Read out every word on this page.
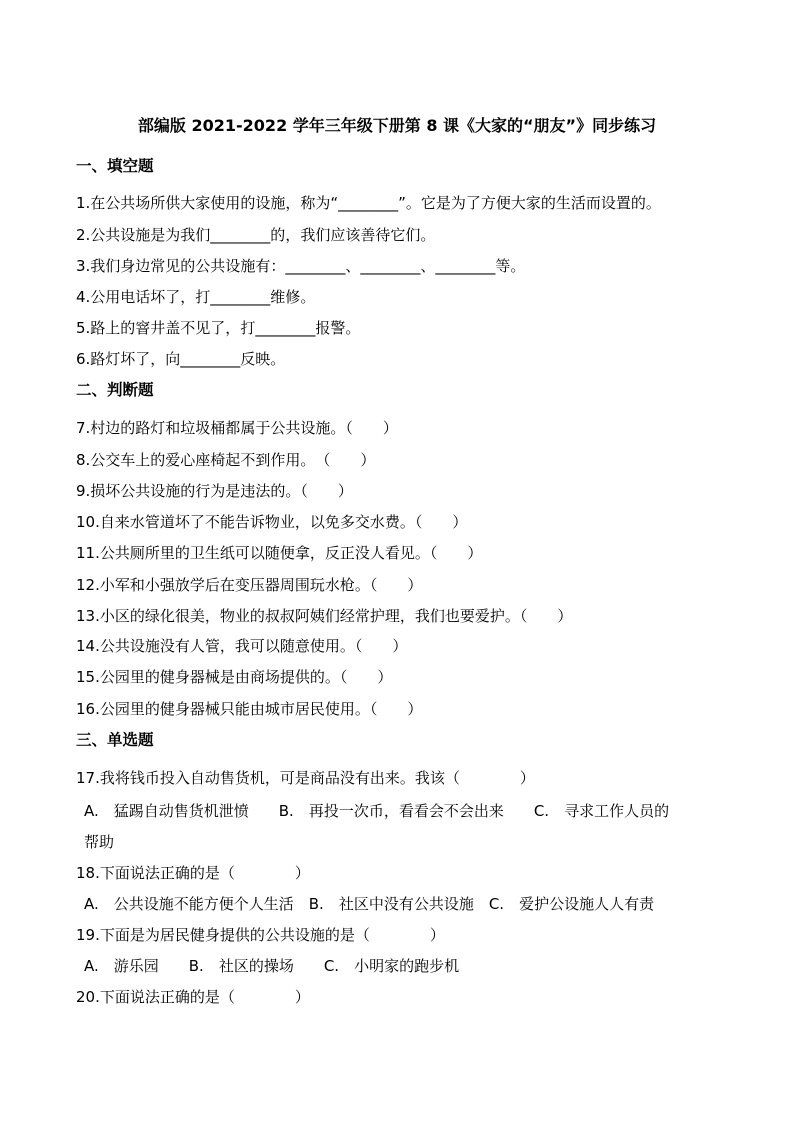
部编版 2021-2022 学年三年级下册第 8 课《大家的“朋友”》同步练习
一、填空题
1.在公共场所供大家使用的设施，称为“________”。它是为了方便大家的生活而设置的。
2.公共设施是为我们________的，我们应该善待它们。
3.我们身边常见的公共设施有：________、________、________等。
4.公用电话坏了，打________维修。
5.路上的窨井盖不见了，打________报警。
6.路灯坏了，向________反映。
二、判断题
7.村边的路灯和垃圾桶都属于公共设施。（　　）
8.公交车上的爱心座椅起不到作用。　（　　）
9.损坏公共设施的行为是违法的。（　　）
10.自来水管道坏了不能告诉物业，以免多交水费。（　　）
11.公共厕所里的卫生纸可以随便拿，反正没人看见。（　　）
12.小军和小强放学后在变压器周围玩水枪。（　　）
13.小区的绿化很美，物业的叔叔阿姨们经常护理，我们也要爱护。（　　）
14.公共设施没有人管，我可以随意使用。（　　）
15.公园里的健身器械是由商场提供的。（　　）
16.公园里的健身器械只能由城市居民使用。（　　）
三、单选题
17.我将钱币投入自动售货机，可是商品没有出来。我该（　　　　）
A.　猛踢自动售货机泄愤　　B.　再投一次币，看看会不会出来　　C.　寻求工作人员的
帮助
18.下面说法正确的是（　　　　）
A.　公共设施不能方便个人生活　B.　社区中没有公共设施　C.　爱护公设施人人有责
19.下面是为居民健身提供的公共设施的是（　　　　）
A.　游乐园　　B.　社区的操场　　C.　小明家的跑步机
20.下面说法正确的是（　　　　）
